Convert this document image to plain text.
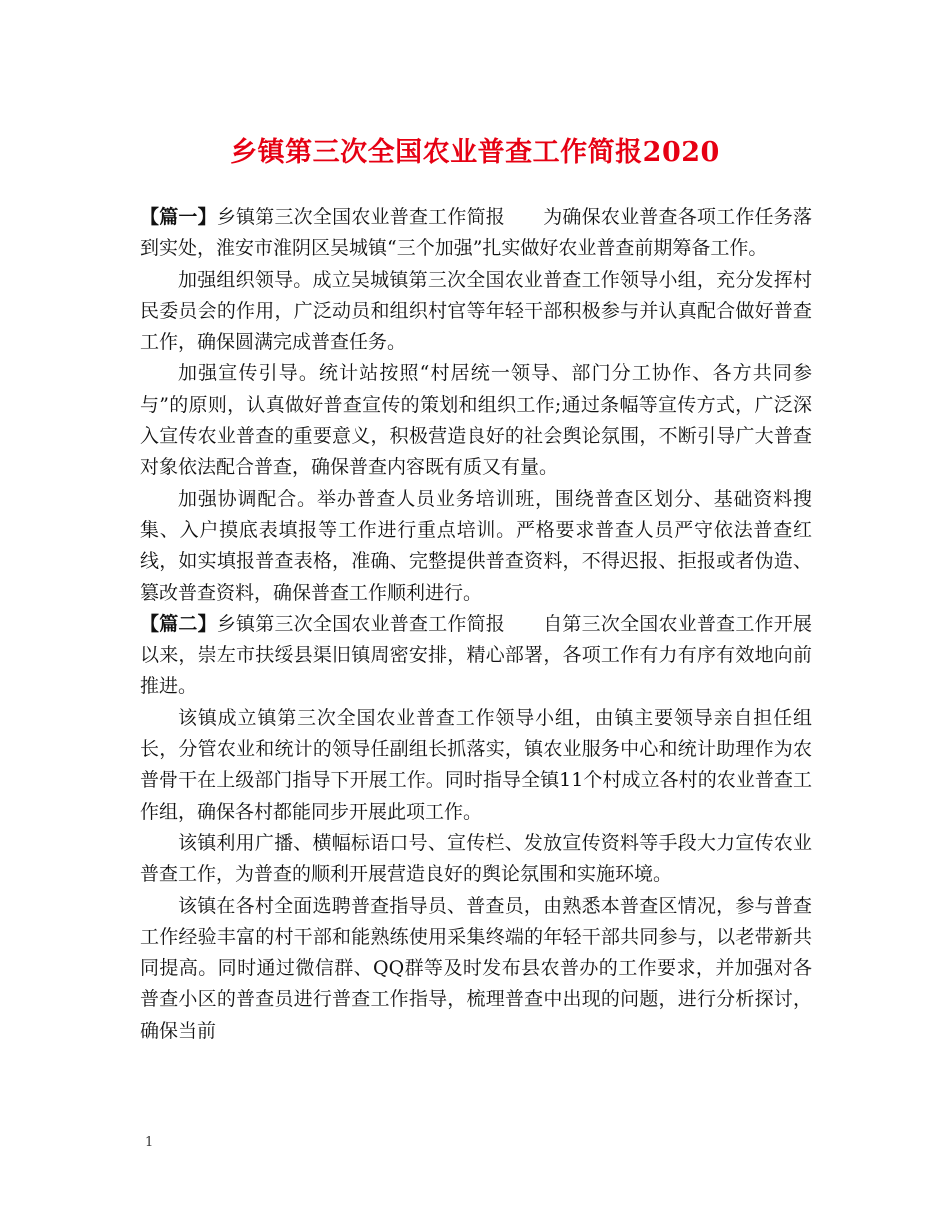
乡镇第三次全国农业普查工作简报2020

【篇一】乡镇第三次全国农业普查工作简报 为确保农业普查各项工作任务落到实处，淮安市淮阴区吴城镇“三个加强”扎实做好农业普查前期筹备工作。

加强组织领导。成立吴城镇第三次全国农业普查工作领导小组，充分发挥村民委员会的作用，广泛动员和组织村官等年轻干部积极参与并认真配合做好普查工作，确保圆满完成普查任务。

加强宣传引导。统计站按照“村居统一领导、部门分工协作、各方共同参与”的原则，认真做好普查宣传的策划和组织工作;通过条幅等宣传方式，广泛深入宣传农业普查的重要意义，积极营造良好的社会舆论氛围，不断引导广大普查对象依法配合普查，确保普查内容既有质又有量。

加强协调配合。举办普查人员业务培训班，围绕普查区划分、基础资料搜集、入户摸底表填报等工作进行重点培训。严格要求普查人员严守依法普查红线，如实填报普查表格，准确、完整提供普查资料，不得迟报、拒报或者伪造、篡改普查资料，确保普查工作顺利进行。

【篇二】乡镇第三次全国农业普查工作简报 自第三次全国农业普查工作开展以来，崇左市扶绥县渠旧镇周密安排，精心部署，各项工作有力有序有效地向前推进。

该镇成立镇第三次全国农业普查工作领导小组，由镇主要领导亲自担任组长，分管农业和统计的领导任副组长抓落实，镇农业服务中心和统计助理作为农普骨干在上级部门指导下开展工作。同时指导全镇11个村成立各村的农业普查工作组，确保各村都能同步开展此项工作。

该镇利用广播、横幅标语口号、宣传栏、发放宣传资料等手段大力宣传农业普查工作，为普查的顺利开展营造良好的舆论氛围和实施环境。

该镇在各村全面选聘普查指导员、普查员，由熟悉本普查区情况，参与普查工作经验丰富的村干部和能熟练使用采集终端的年轻干部共同参与，以老带新共同提高。同时通过微信群、QQ群等及时发布县农普办的工作要求，并加强对各普查小区的普查员进行普查工作指导，梳理普查中出现的问题，进行分析探讨，确保当前

1
